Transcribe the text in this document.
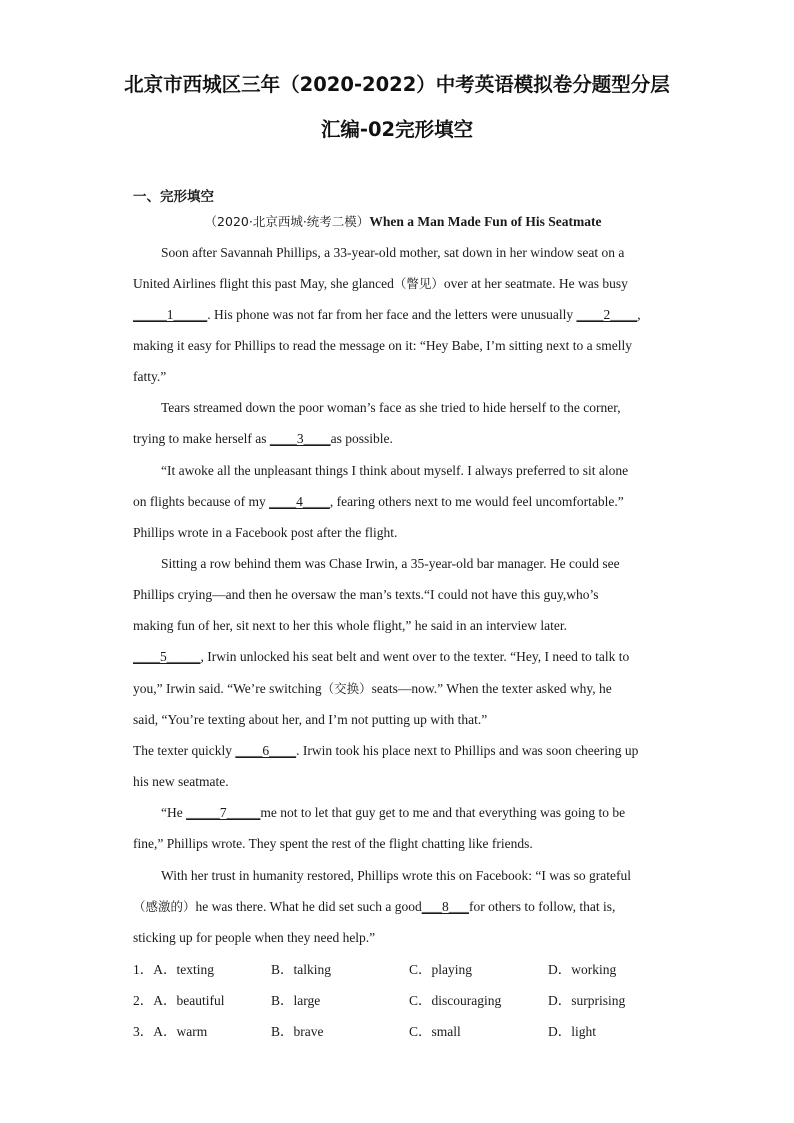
北京市西城区三年（2020-2022）中考英语模拟卷分题型分层
汇编-02完形填空
一、完形填空
（2020·北京西城·统考二模）When a Man Made Fun of His Seatmate
Soon after Savannah Phillips, a 33-year-old mother, sat down in her window seat on a
United Airlines flight this past May, she glanced（瞥见）over at her seatmate. He was busy
_____1_____. His phone was not far from her face and the letters were unusually ____2____,
making it easy for Phillips to read the message on it: “Hey Babe, I’m sitting next to a smelly
fatty.”
Tears streamed down the poor woman’s face as she tried to hide herself to the corner,
trying to make herself as ____3____as possible.
“It awoke all the unpleasant things I think about myself. I always preferred to sit alone
on flights because of my ____4____, fearing others next to me would feel uncomfortable.”
Phillips wrote in a Facebook post after the flight.
Sitting a row behind them was Chase Irwin, a 35-year-old bar manager. He could see
Phillips crying—and then he oversaw the man’s texts.“I could not have this guy,who’s
making fun of her, sit next to her this whole flight,” he said in an interview later.
____5_____, Irwin unlocked his seat belt and went over to the texter. “Hey, I need to talk to
you,” Irwin said. “We’re switching（交换）seats—now.” When the texter asked why, he
said, “You’re texting about her, and I’m not putting up with that.”
The texter quickly ____6____. Irwin took his place next to Phillips and was soon cheering up
his new seatmate.
“He _____7_____me not to let that guy get to me and that everything was going to be
fine,” Phillips wrote. They spent the rest of the flight chatting like friends.
With her trust in humanity restored, Phillips wrote this on Facebook: “I was so grateful
（感激的）he was there. What he did set such a good___8___for others to follow, that is,
sticking up for people when they need help.”
1．A．texting	B．talking	C．playing	D．working
2．A．beautiful	B．large	C．discouraging	D．surprising
3．A．warm	B．brave	C．small	D．light
